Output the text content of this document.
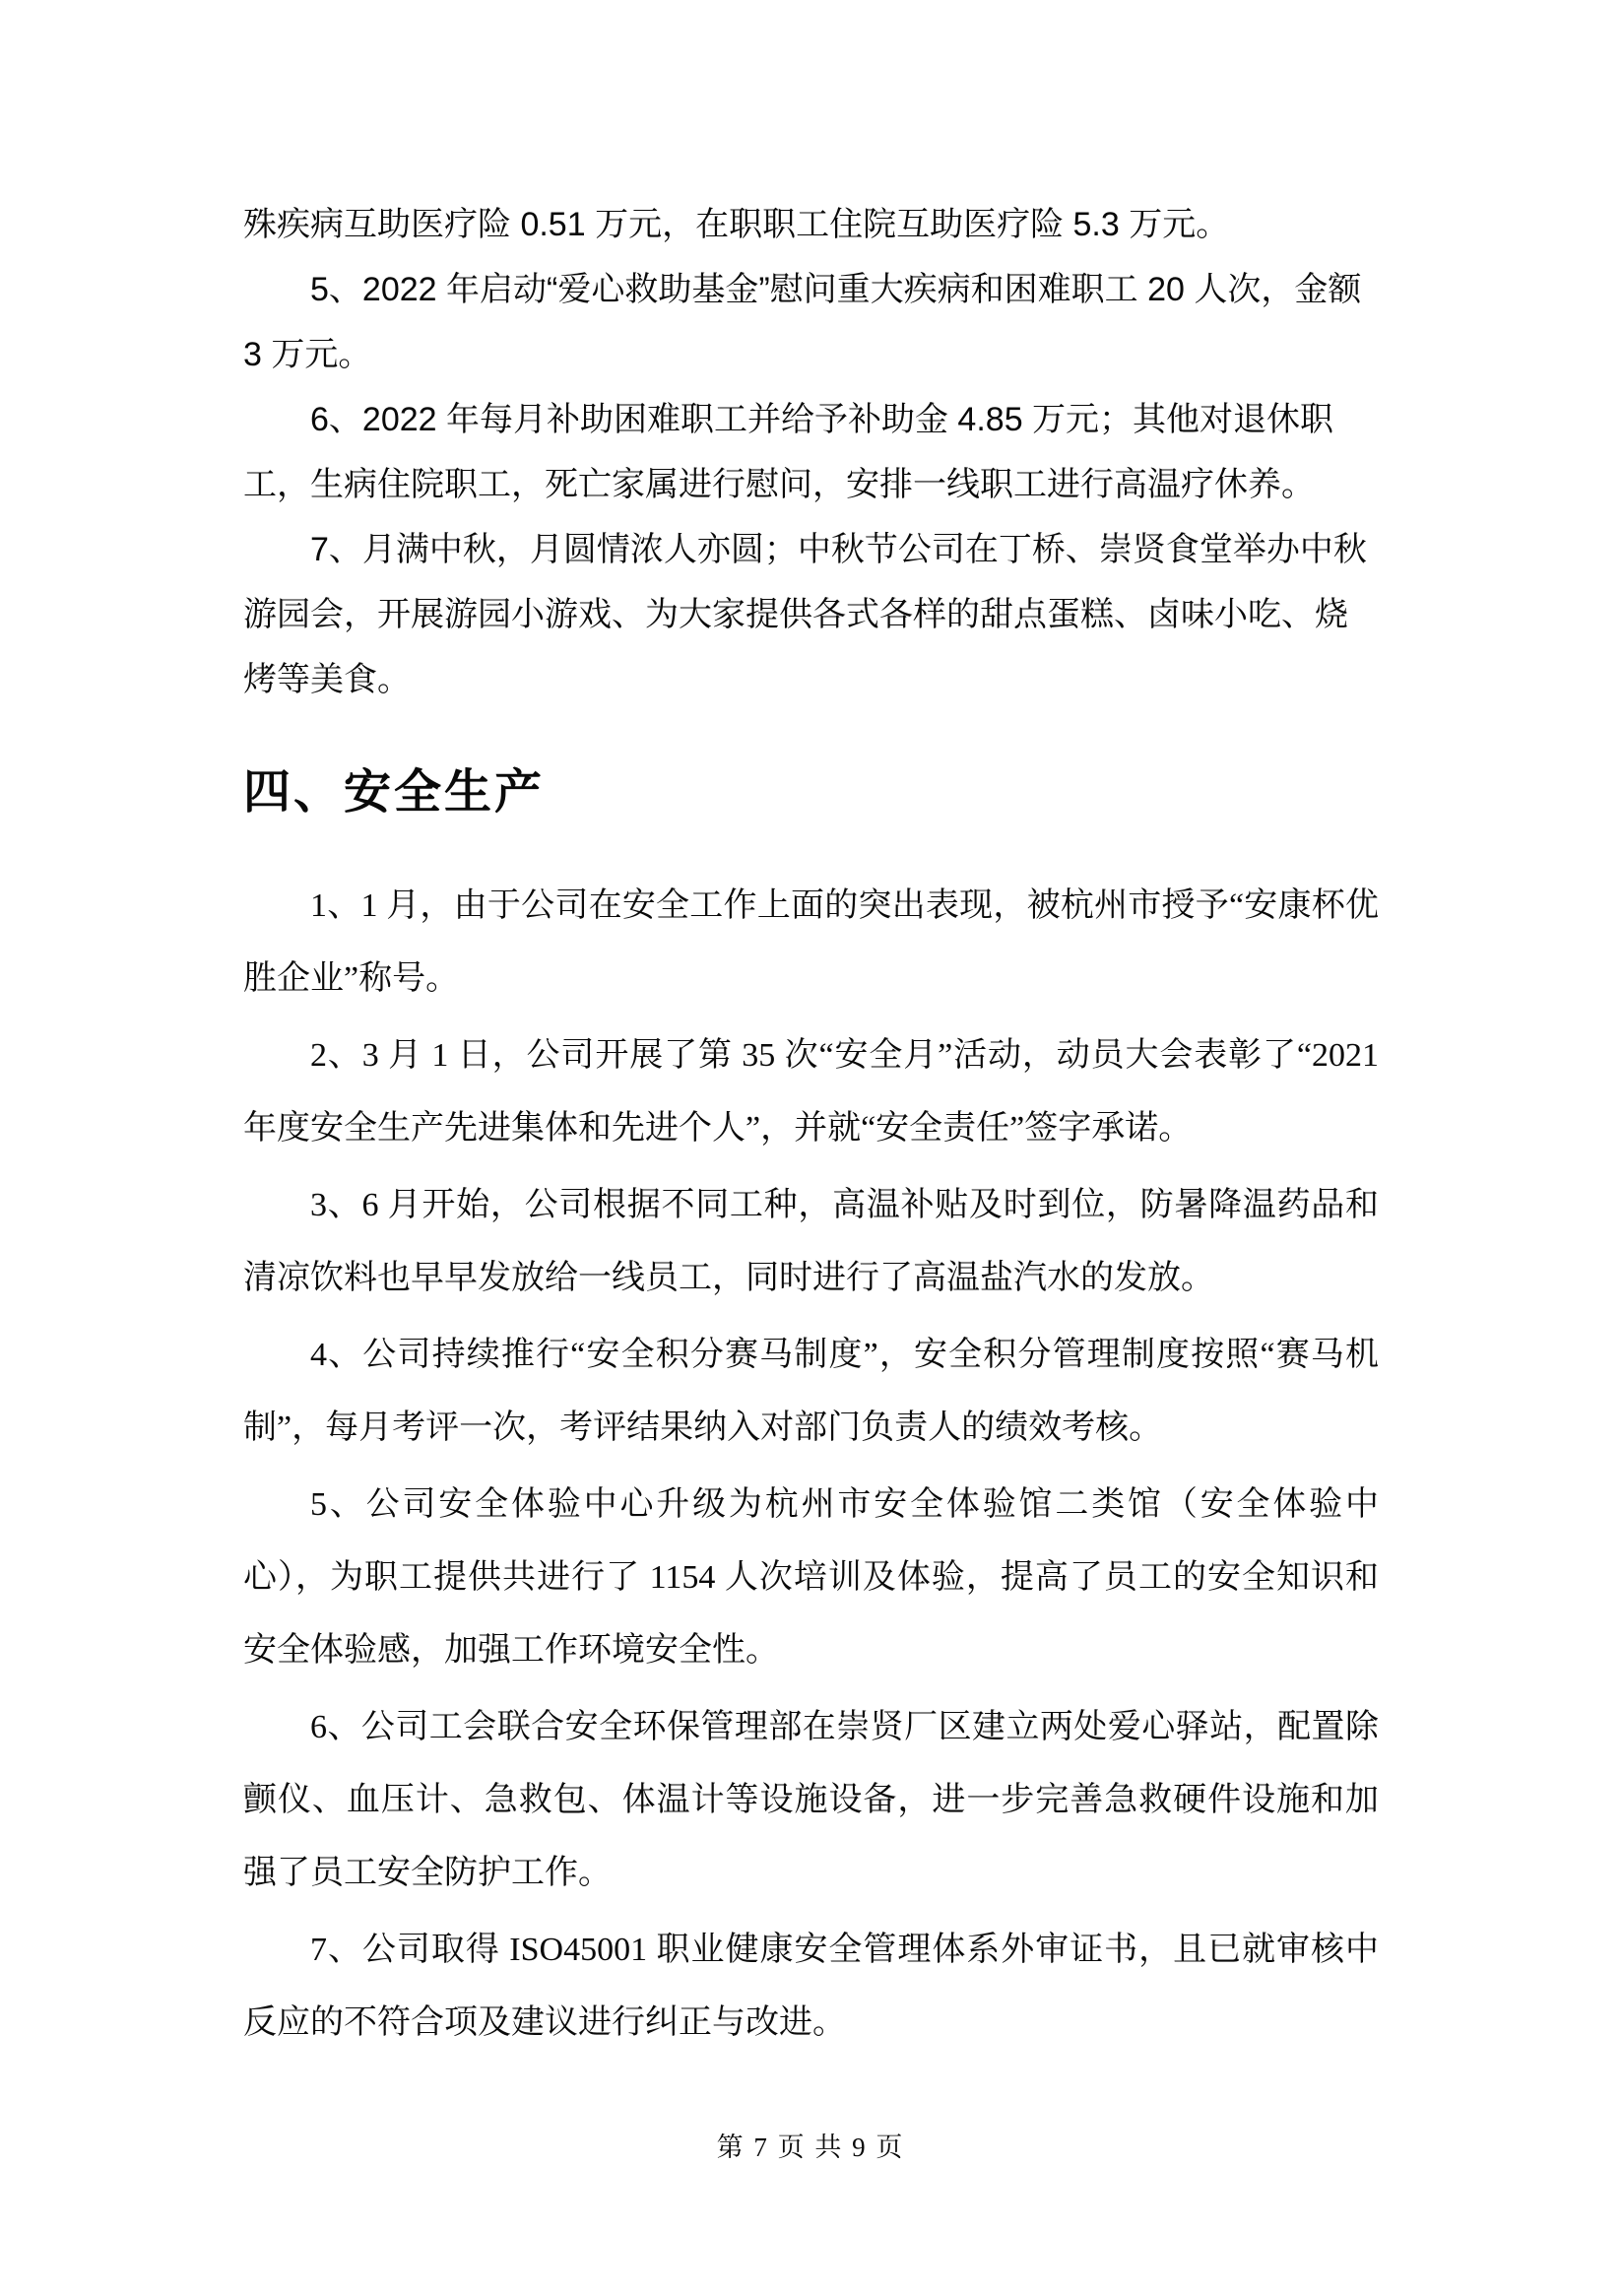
殊疾病互助医疗险 0.51 万元，在职职工住院互助医疗险 5.3 万元。

5、2022 年启动“爱心救助基金”慰问重大疾病和困难职工 20 人次，金额 3 万元。

6、2022 年每月补助困难职工并给予补助金 4.85 万元；其他对退休职工，生病住院职工，死亡家属进行慰问，安排一线职工进行高温疗休养。

7、月满中秋，月圆情浓人亦圆；中秋节公司在丁桥、崇贤食堂举办中秋游园会，开展游园小游戏、为大家提供各式各样的甜点蛋糕、卤味小吃、烧烤等美食。

四、安全生产

1、1 月，由于公司在安全工作上面的突出表现，被杭州市授予“安康杯优胜企业”称号。

2、3 月 1 日，公司开展了第 35 次“安全月”活动，动员大会表彰了“2021 年度安全生产先进集体和先进个人”，并就“安全责任”签字承诺。

3、6 月开始，公司根据不同工种，高温补贴及时到位，防暑降温药品和清凉饮料也早早发放给一线员工，同时进行了高温盐汽水的发放。

4、公司持续推行“安全积分赛马制度”，安全积分管理制度按照“赛马机制”，每月考评一次，考评结果纳入对部门负责人的绩效考核。

5、公司安全体验中心升级为杭州市安全体验馆二类馆（安全体验中心），为职工提供共进行了 1154 人次培训及体验，提高了员工的安全知识和安全体验感，加强工作环境安全性。

6、公司工会联合安全环保管理部在崇贤厂区建立两处爱心驿站，配置除颤仪、血压计、急救包、体温计等设施设备，进一步完善急救硬件设施和加强了员工安全防护工作。

7、公司取得 ISO45001 职业健康安全管理体系外审证书，且已就审核中反应的不符合项及建议进行纠正与改进。

第 7 页 共 9 页
